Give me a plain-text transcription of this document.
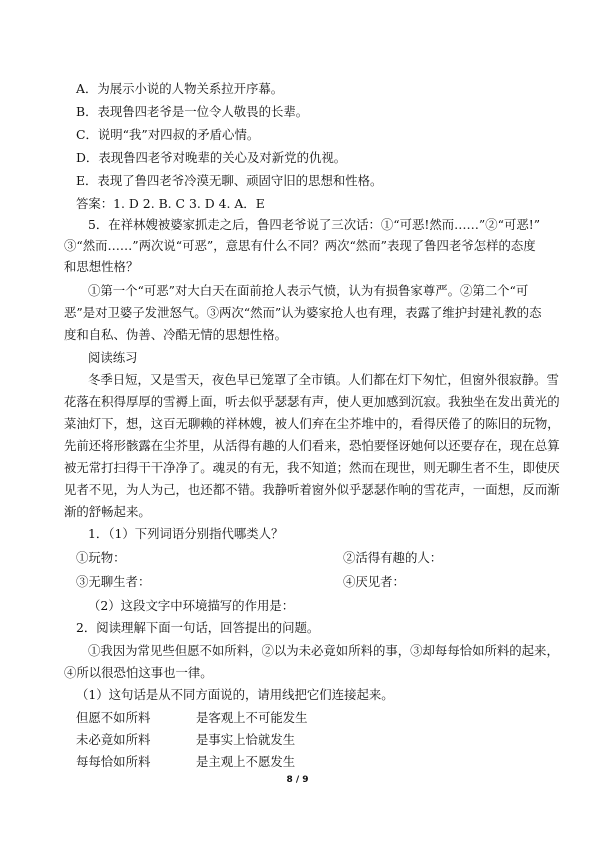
A．为展示小说的人物关系拉开序幕。
B．表现鲁四老爷是一位令人敬畏的长辈。
C．说明“我”对四叔的矛盾心情。
D．表现鲁四老爷对晚辈的关心及对新党的仇视。
E．表现了鲁四老爷冷漠无聊、顽固守旧的思想和性格。
答案：1. D 2. B. C 3. D 4. A．E
5．在祥林嫂被婆家抓走之后，鲁四老爷说了三次话：①“可恶!然而……”②“可恶!”
③“然而……”两次说“可恶”，意思有什么不同？两次“然而”表现了鲁四老爷怎样的态度
和思想性格？
①第一个“可恶”对大白天在面前抢人表示气愤，认为有损鲁家尊严。②第二个“可
恶”是对卫婆子发泄怒气。③两次“然而”认为婆家抢人也有理，表露了维护封建礼教的态
度和自私、伪善、冷酷无情的思想性格。
阅读练习
冬季日短，又是雪天，夜色早已笼罩了全市镇。人们都在灯下匆忙，但窗外很寂静。雪
花落在积得厚厚的雪褥上面，听去似乎瑟瑟有声，使人更加感到沉寂。我独坐在发出黄光的
菜油灯下，想，这百无聊赖的祥林嫂，被人们弃在尘芥堆中的，看得厌倦了的陈旧的玩物，
先前还将形骸露在尘芥里，从活得有趣的人们看来，恐怕要怪讶她何以还要存在，现在总算
被无常打扫得干干净净了。魂灵的有无，我不知道；然而在现世，则无聊生者不生，即使厌
见者不见，为人为己，也还都不错。我静听着窗外似乎瑟瑟作响的雪花声，一面想，反而渐
渐的舒畅起来。
1．（1）下列词语分别指代哪类人？
①玩物：	②活得有趣的人：
③无聊生者：	④厌见者：
（2）这段文字中环境描写的作用是：
2．阅读理解下面一句话，回答提出的问题。
①我因为常见些但愿不如所料，②以为未必竟如所料的事，③却每每恰如所料的起来，
④所以很恐怕这事也一律。
（1）这句话是从不同方面说的，请用线把它们连接起来。
但愿不如所料	是客观上不可能发生
未必竟如所料	是事实上恰就发生
每每恰如所料	是主观上不愿发生
8 / 9
